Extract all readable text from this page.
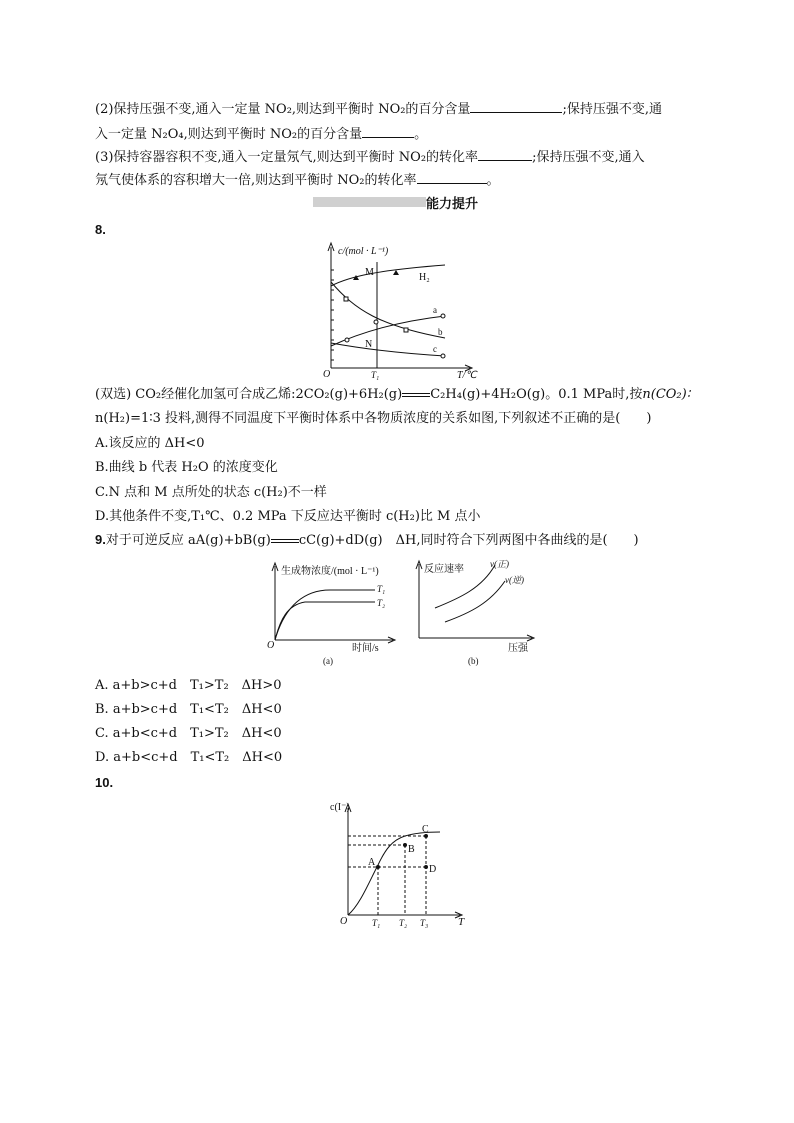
(2)保持压强不变,通入一定量 NO₂,则达到平衡时 NO₂的百分含量	;保持压强不变,通
入一定量 N₂O₄,则达到平衡时 NO₂的百分含量	。
(3)保持容器容积不变,通入一定量氖气,则达到平衡时 NO₂的转化率	;保持压强不变,通入
氖气使体系的容积增大一倍,则达到平衡时 NO₂的转化率	。
能力提升
8.
c/(mol · L⁻¹)
T/℃
O	T₁
M
N
H₂
a
b
c
(双选) CO₂经催化加氢可合成乙烯:2CO₂(g)+6H₂(g) C₂H₄(g)+4H₂O(g)。0.1 MPa时,按n(CO₂)∶
n(H₂)=1∶3 投料,测得不同温度下平衡时体系中各物质浓度的关系如图,下列叙述不正确的是(　　)
A.该反应的 ΔH<0
B.曲线 b 代表 H₂O 的浓度变化
C.N 点和 M 点所处的状态 c(H₂)不一样
D.其他条件不变,T₁℃、0.2 MPa 下反应达平衡时 c(H₂)比 M 点小
9.对于可逆反应 aA(g)+bB(g) cC(g)+dD(g)　ΔH,同时符合下列两图中各曲线的是(　　)
生成物浓度/(mol · L⁻¹)
T₁
T₂
O	时间/s
(a)
反应速率	v(正)
v(逆)
压强
(b)
A. a+b>c+d　T₁>T₂　ΔH>0
B. a+b>c+d　T₁<T₂　ΔH<0
C. a+b<c+d　T₁>T₂　ΔH<0
D. a+b<c+d　T₁<T₂　ΔH<0
10.
c(I⁻)
T
O
A
B
C
D
T₁ T₂ T₃
